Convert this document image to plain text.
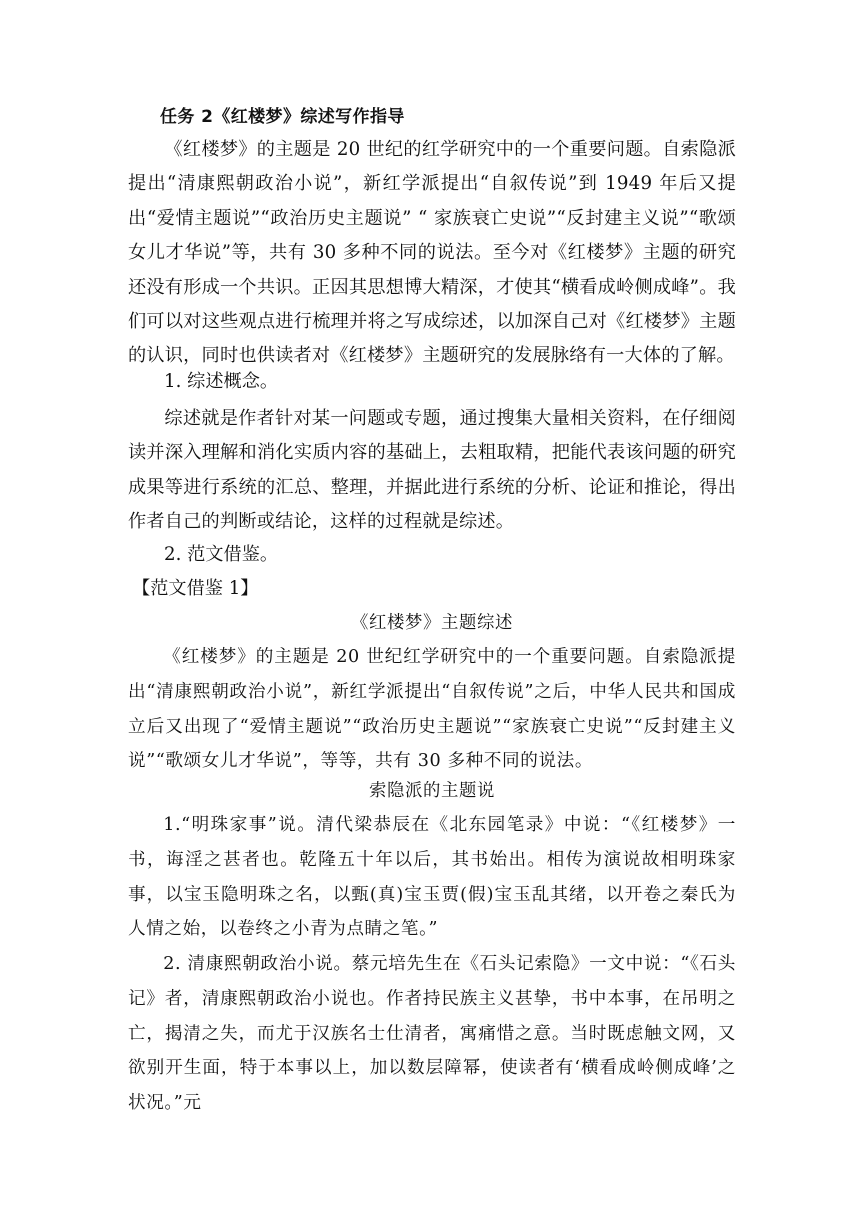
任务 2《红楼梦》综述写作指导
《红楼梦》的主题是 20 世纪的红学研究中的一个重要问题。自索隐派提出“清康熙朝政治小说”，新红学派提出“自叙传说”到 1949 年后又提出“爱情主题说”“政治历史主题说” “ 家族衰亡史说”“反封建主义说”“歌颂女儿才华说”等，共有 30 多种不同的说法。至今对《红楼梦》主题的研究还没有形成一个共识。正因其思想博大精深，才使其“横看成岭侧成峰”。我们可以对这些观点进行梳理并将之写成综述，以加深自己对《红楼梦》主题的认识，同时也供读者对《红楼梦》主题研究的发展脉络有一大体的了解。
1. 综述概念。
综述就是作者针对某一问题或专题，通过搜集大量相关资料，在仔细阅读并深入理解和消化实质内容的基础上，去粗取精，把能代表该问题的研究成果等进行系统的汇总、整理，并据此进行系统的分析、论证和推论，得出作者自己的判断或结论，这样的过程就是综述。
2. 范文借鉴。
【范文借鉴 1】
《红楼梦》主题综述
《红楼梦》的主题是 20 世纪红学研究中的一个重要问题。自索隐派提出“清康熙朝政治小说”，新红学派提出“自叙传说”之后，中华人民共和国成立后又出现了“爱情主题说”“政治历史主题说”“家族衰亡史说”“反封建主义说”“歌颂女儿才华说”，等等，共有 30 多种不同的说法。
索隐派的主题说
1.“明珠家事”说。清代梁恭辰在《北东园笔录》中说：“《红楼梦》一书，诲淫之甚者也。乾隆五十年以后，其书始出。相传为演说故相明珠家事，以宝玉隐明珠之名，以甄(真)宝玉贾(假)宝玉乱其绪，以开卷之秦氏为人情之始，以卷终之小青为点睛之笔。”
2. 清康熙朝政治小说。蔡元培先生在《石头记索隐》一文中说：“《石头记》者，清康熙朝政治小说也。作者持民族主义甚挚，书中本事，在吊明之亡，揭清之失，而尤于汉族名士仕清者，寓痛惜之意。当时既虑触文网，又欲别开生面，特于本事以上，加以数层障幂，使读者有‘横看成岭侧成峰’之状况。”元
